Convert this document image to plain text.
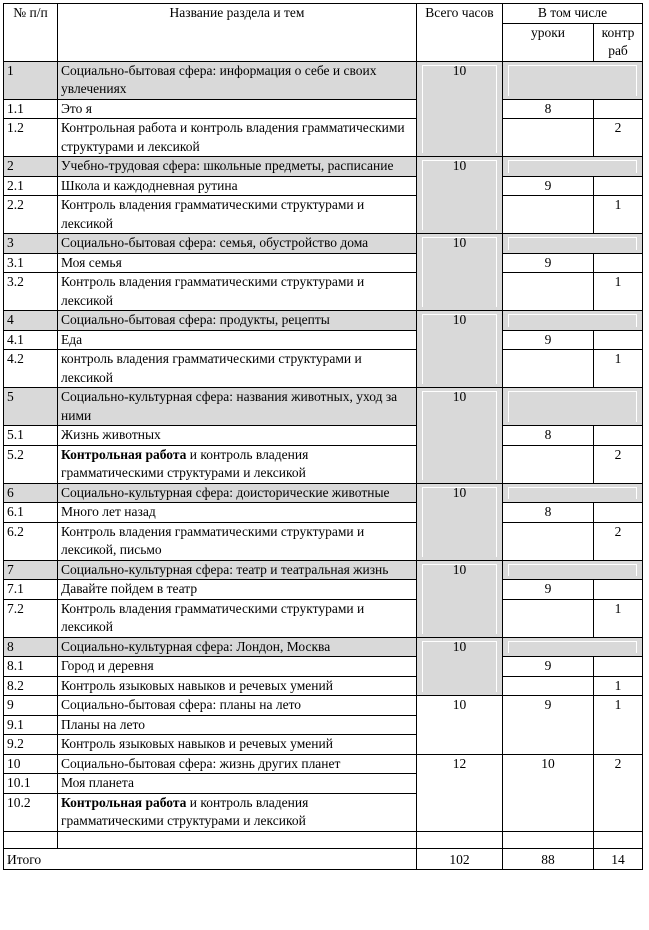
№ п/п	Название раздела и тем	Всего часов	В том числе	
			уроки	контр раб
1	Социально-бытовая сфера: информация о себе и своих увлечениях	10		
1.1	Это я		8	
1.2	Контрольная работа и контроль владения грамматическими структурами и лексикой			2
2	Учебно-трудовая сфера: школьные предметы, расписание	10		
2.1	Школа и каждодневная рутина		9	
2.2	Контроль владения грамматическими структурами и лексикой			1
3	Социально-бытовая сфера: семья, обустройство дома	10		
3.1	Моя семья		9	
3.2	Контроль владения грамматическими структурами и лексикой			1
4	Социально-бытовая сфера: продукты, рецепты	10		
4.1	Еда		9	
4.2	контроль владения грамматическими структурами и лексикой			1
5	Социально-культурная сфера: названия животных, уход за ними	10		
5.1	Жизнь животных		8	
5.2	Контрольная работа и контроль владения грамматическими структурами и лексикой			2
6	Социально-культурная сфера: доисторические животные	10		
6.1	Много лет назад		8	
6.2	Контроль владения грамматическими структурами и лексикой, письмо			2
7	Социально-культурная сфера: театр и театральная жизнь	10		
7.1	Давайте пойдем в театр		9	
7.2	Контроль владения грамматическими структурами и лексикой			1
8	Социально-культурная сфера: Лондон, Москва	10		
8.1	Город и деревня		9	
8.2	Контроль языковых навыков и речевых умений			1
9	Социально-бытовая сфера: планы на лето	10	9	1
9.1	Планы на лето			
9.2	Контроль языковых навыков и речевых умений			
10	Социально-бытовая сфера: жизнь других планет	12	10	2
10.1	Моя планета			
10.2	Контрольная работа и контроль владения грамматическими структурами и лексикой			

Итого		102	88	14
